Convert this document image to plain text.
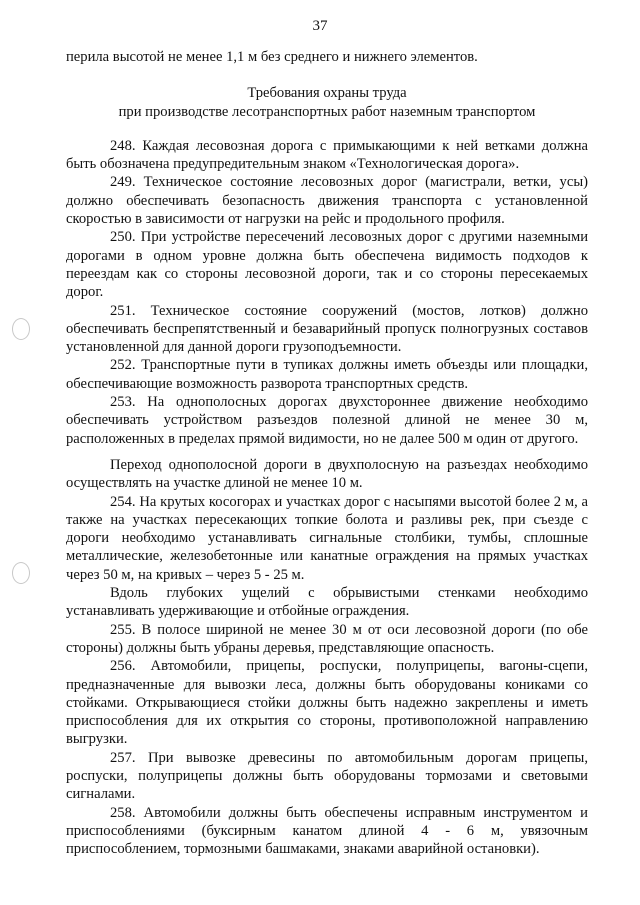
37

перила высотой не менее 1,1 м без среднего и нижнего элементов.

Требования охраны труда

при производстве лесотранспортных работ наземным транспортом

248. Каждая лесовозная дорога с примыкающими к ней ветками должна быть обозначена предупредительным знаком «Технологическая дорога».

249. Техническое состояние лесовозных дорог (магистрали, ветки, усы) должно обеспечивать безопасность движения транспорта с установленной скоростью в зависимости от нагрузки на рейс и продольного профиля.

250. При устройстве пересечений лесовозных дорог с другими наземными дорогами в одном уровне должна быть обеспечена видимость подходов к переездам как со стороны лесовозной дороги, так и со стороны пересекаемых дорог.

251. Техническое состояние сооружений (мостов, лотков) должно обеспечивать беспрепятственный и безаварийный пропуск полногрузных составов установленной для данной дороги грузоподъемности.

252. Транспортные пути в тупиках должны иметь объезды или площадки, обеспечивающие возможность разворота транспортных средств.

253. На однополосных дорогах двухстороннее движение необходимо обеспечивать устройством разъездов полезной длиной не менее 30 м, расположенных в пределах прямой видимости, но не далее 500 м один от другого.

Переход однополосной дороги в двухполосную на разъездах необходимо осуществлять на участке длиной не менее 10 м.

254. На крутых косогорах и участках дорог с насыпями высотой более 2 м, а также на участках пересекающих топкие болота и разливы рек, при съезде с дороги необходимо устанавливать сигнальные столбики, тумбы, сплошные металлические, железобетонные или канатные ограждения на прямых участках через 50 м, на кривых – через 5 - 25 м.

Вдоль глубоких ущелий с обрывистыми стенками необходимо устанавливать удерживающие и отбойные ограждения.

255. В полосе шириной не менее 30 м от оси лесовозной дороги (по обе стороны) должны быть убраны деревья, представляющие опасность.

256. Автомобили, прицепы, роспуски, полуприцепы, вагоны-сцепи, предназначенные для вывозки леса, должны быть оборудованы кониками со стойками. Открывающиеся стойки должны быть надежно закреплены и иметь приспособления для их открытия со стороны, противоположной направлению выгрузки.

257. При вывозке древесины по автомобильным дорогам прицепы, роспуски, полуприцепы должны быть оборудованы тормозами и световыми сигналами.

258. Автомобили должны быть обеспечены исправным инструментом и приспособлениями (буксирным канатом длиной 4 - 6 м, увязочным приспособлением, тормозными башмаками, знаками аварийной остановки).
